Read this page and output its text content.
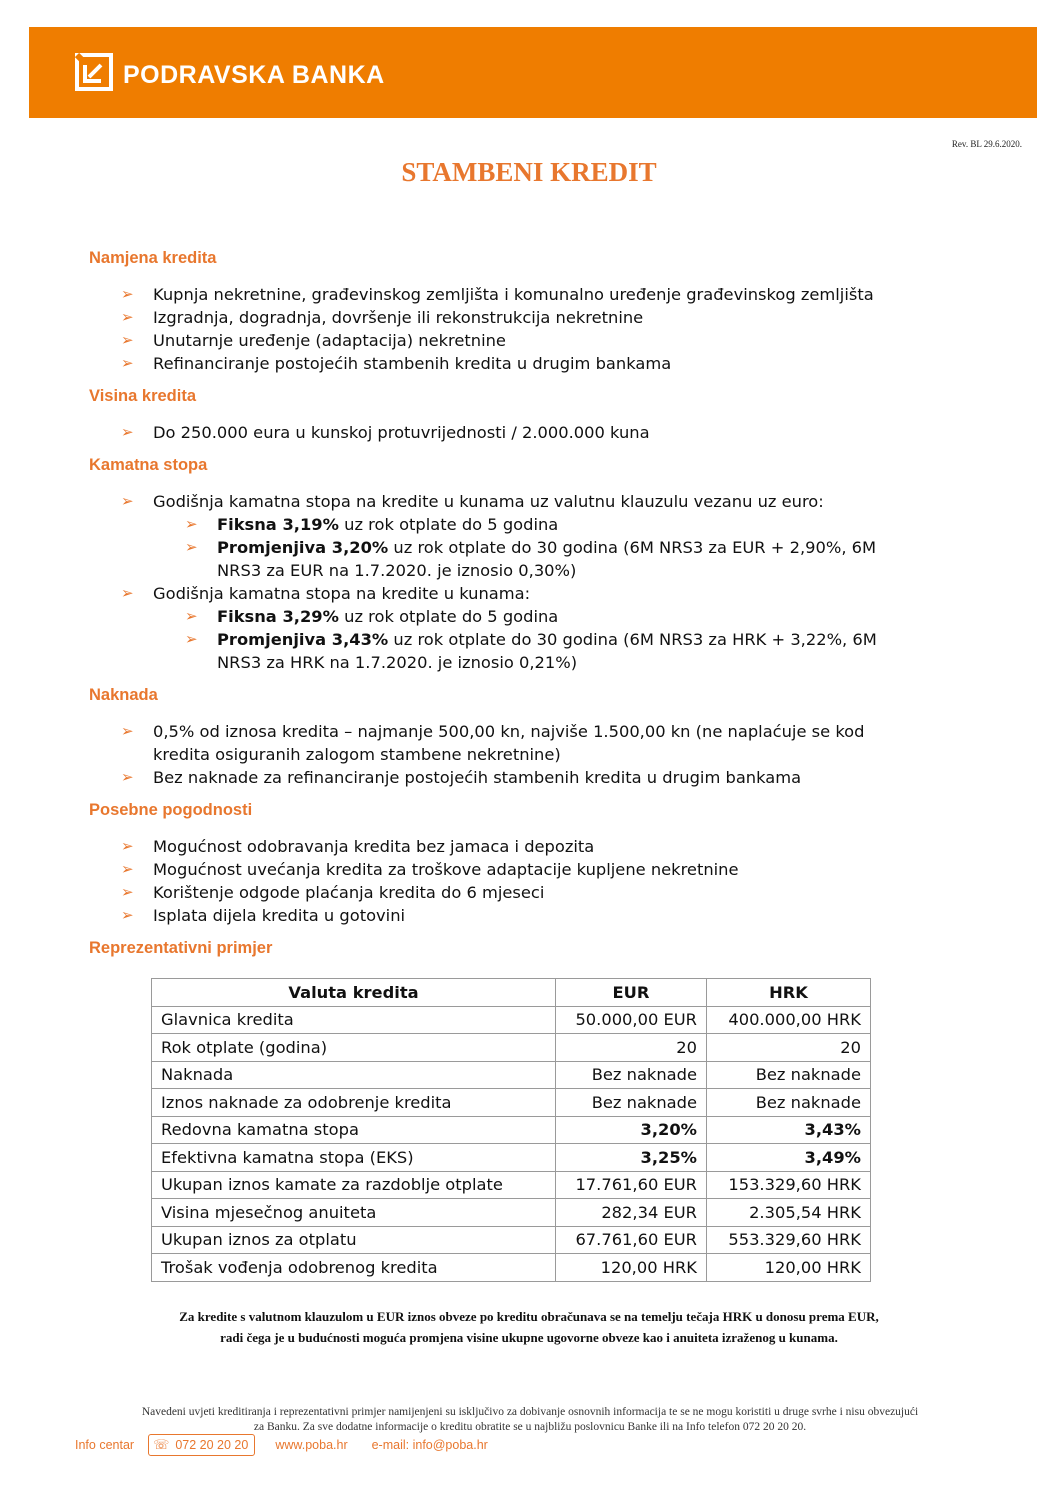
PODRAVSKA BANKA
Rev. BL 29.6.2020.
STAMBENI KREDIT
Namjena kredita
➢ Kupnja nekretnine, građevinskog zemljišta i komunalno uređenje građevinskog zemljišta
➢ Izgradnja, dogradnja, dovršenje ili rekonstrukcija nekretnine
➢ Unutarnje uređenje (adaptacija) nekretnine
➢ Refinanciranje postojećih stambenih kredita u drugim bankama
Visina kredita
➢ Do 250.000 eura u kunskoj protuvrijednosti / 2.000.000 kuna
Kamatna stopa
➢ Godišnja kamatna stopa na kredite u kunama uz valutnu klauzulu vezanu uz euro:
➢ Fiksna 3,19% uz rok otplate do 5 godina
➢ Promjenjiva 3,20% uz rok otplate do 30 godina (6M NRS3 za EUR + 2,90%, 6M NRS3 za EUR na 1.7.2020. je iznosio 0,30%)
➢ Godišnja kamatna stopa na kredite u kunama:
➢ Fiksna 3,29% uz rok otplate do 5 godina
➢ Promjenjiva 3,43% uz rok otplate do 30 godina (6M NRS3 za HRK + 3,22%, 6M NRS3 za HRK na 1.7.2020. je iznosio 0,21%)
Naknada
➢ 0,5% od iznosa kredita – najmanje 500,00 kn, najviše 1.500,00 kn (ne naplaćuje se kod kredita osiguranih zalogom stambene nekretnine)
➢ Bez naknade za refinanciranje postojećih stambenih kredita u drugim bankama
Posebne pogodnosti
➢ Mogućnost odobravanja kredita bez jamaca i depozita
➢ Mogućnost uvećanja kredita za troškove adaptacije kupljene nekretnine
➢ Korištenje odgode plaćanja kredita do 6 mjeseci
➢ Isplata dijela kredita u gotovini
Reprezentativni primjer
Valuta kredita	EUR	HRK
Glavnica kredita	50.000,00 EUR	400.000,00 HRK
Rok otplate (godina)	20	20
Naknada	Bez naknade	Bez naknade
Iznos naknade za odobrenje kredita	Bez naknade	Bez naknade
Redovna kamatna stopa	3,20%	3,43%
Efektivna kamatna stopa (EKS)	3,25%	3,49%
Ukupan iznos kamate za razdoblje otplate	17.761,60 EUR	153.329,60 HRK
Visina mjesečnog anuiteta	282,34 EUR	2.305,54 HRK
Ukupan iznos za otplatu	67.761,60 EUR	553.329,60 HRK
Trošak vođenja odobrenog kredita	120,00 HRK	120,00 HRK
Za kredite s valutnom klauzulom u EUR iznos obveze po kreditu obračunava se na temelju tečaja HRK u donosu prema EUR,
radi čega je u budućnosti moguća promjena visine ukupne ugovorne obveze kao i anuiteta izraženog u kunama.
Navedeni uvjeti kreditiranja i reprezentativni primjer namijenjeni su isključivo za dobivanje osnovnih informacija te se ne mogu koristiti u druge svrhe i nisu obvezujući
za Banku. Za sve dodatne informacije o kreditu obratite se u najbližu poslovnicu Banke ili na Info telefon 072 20 20 20.
Info centar ☏ 072 20 20 20 www.poba.hr e-mail: info@poba.hr
